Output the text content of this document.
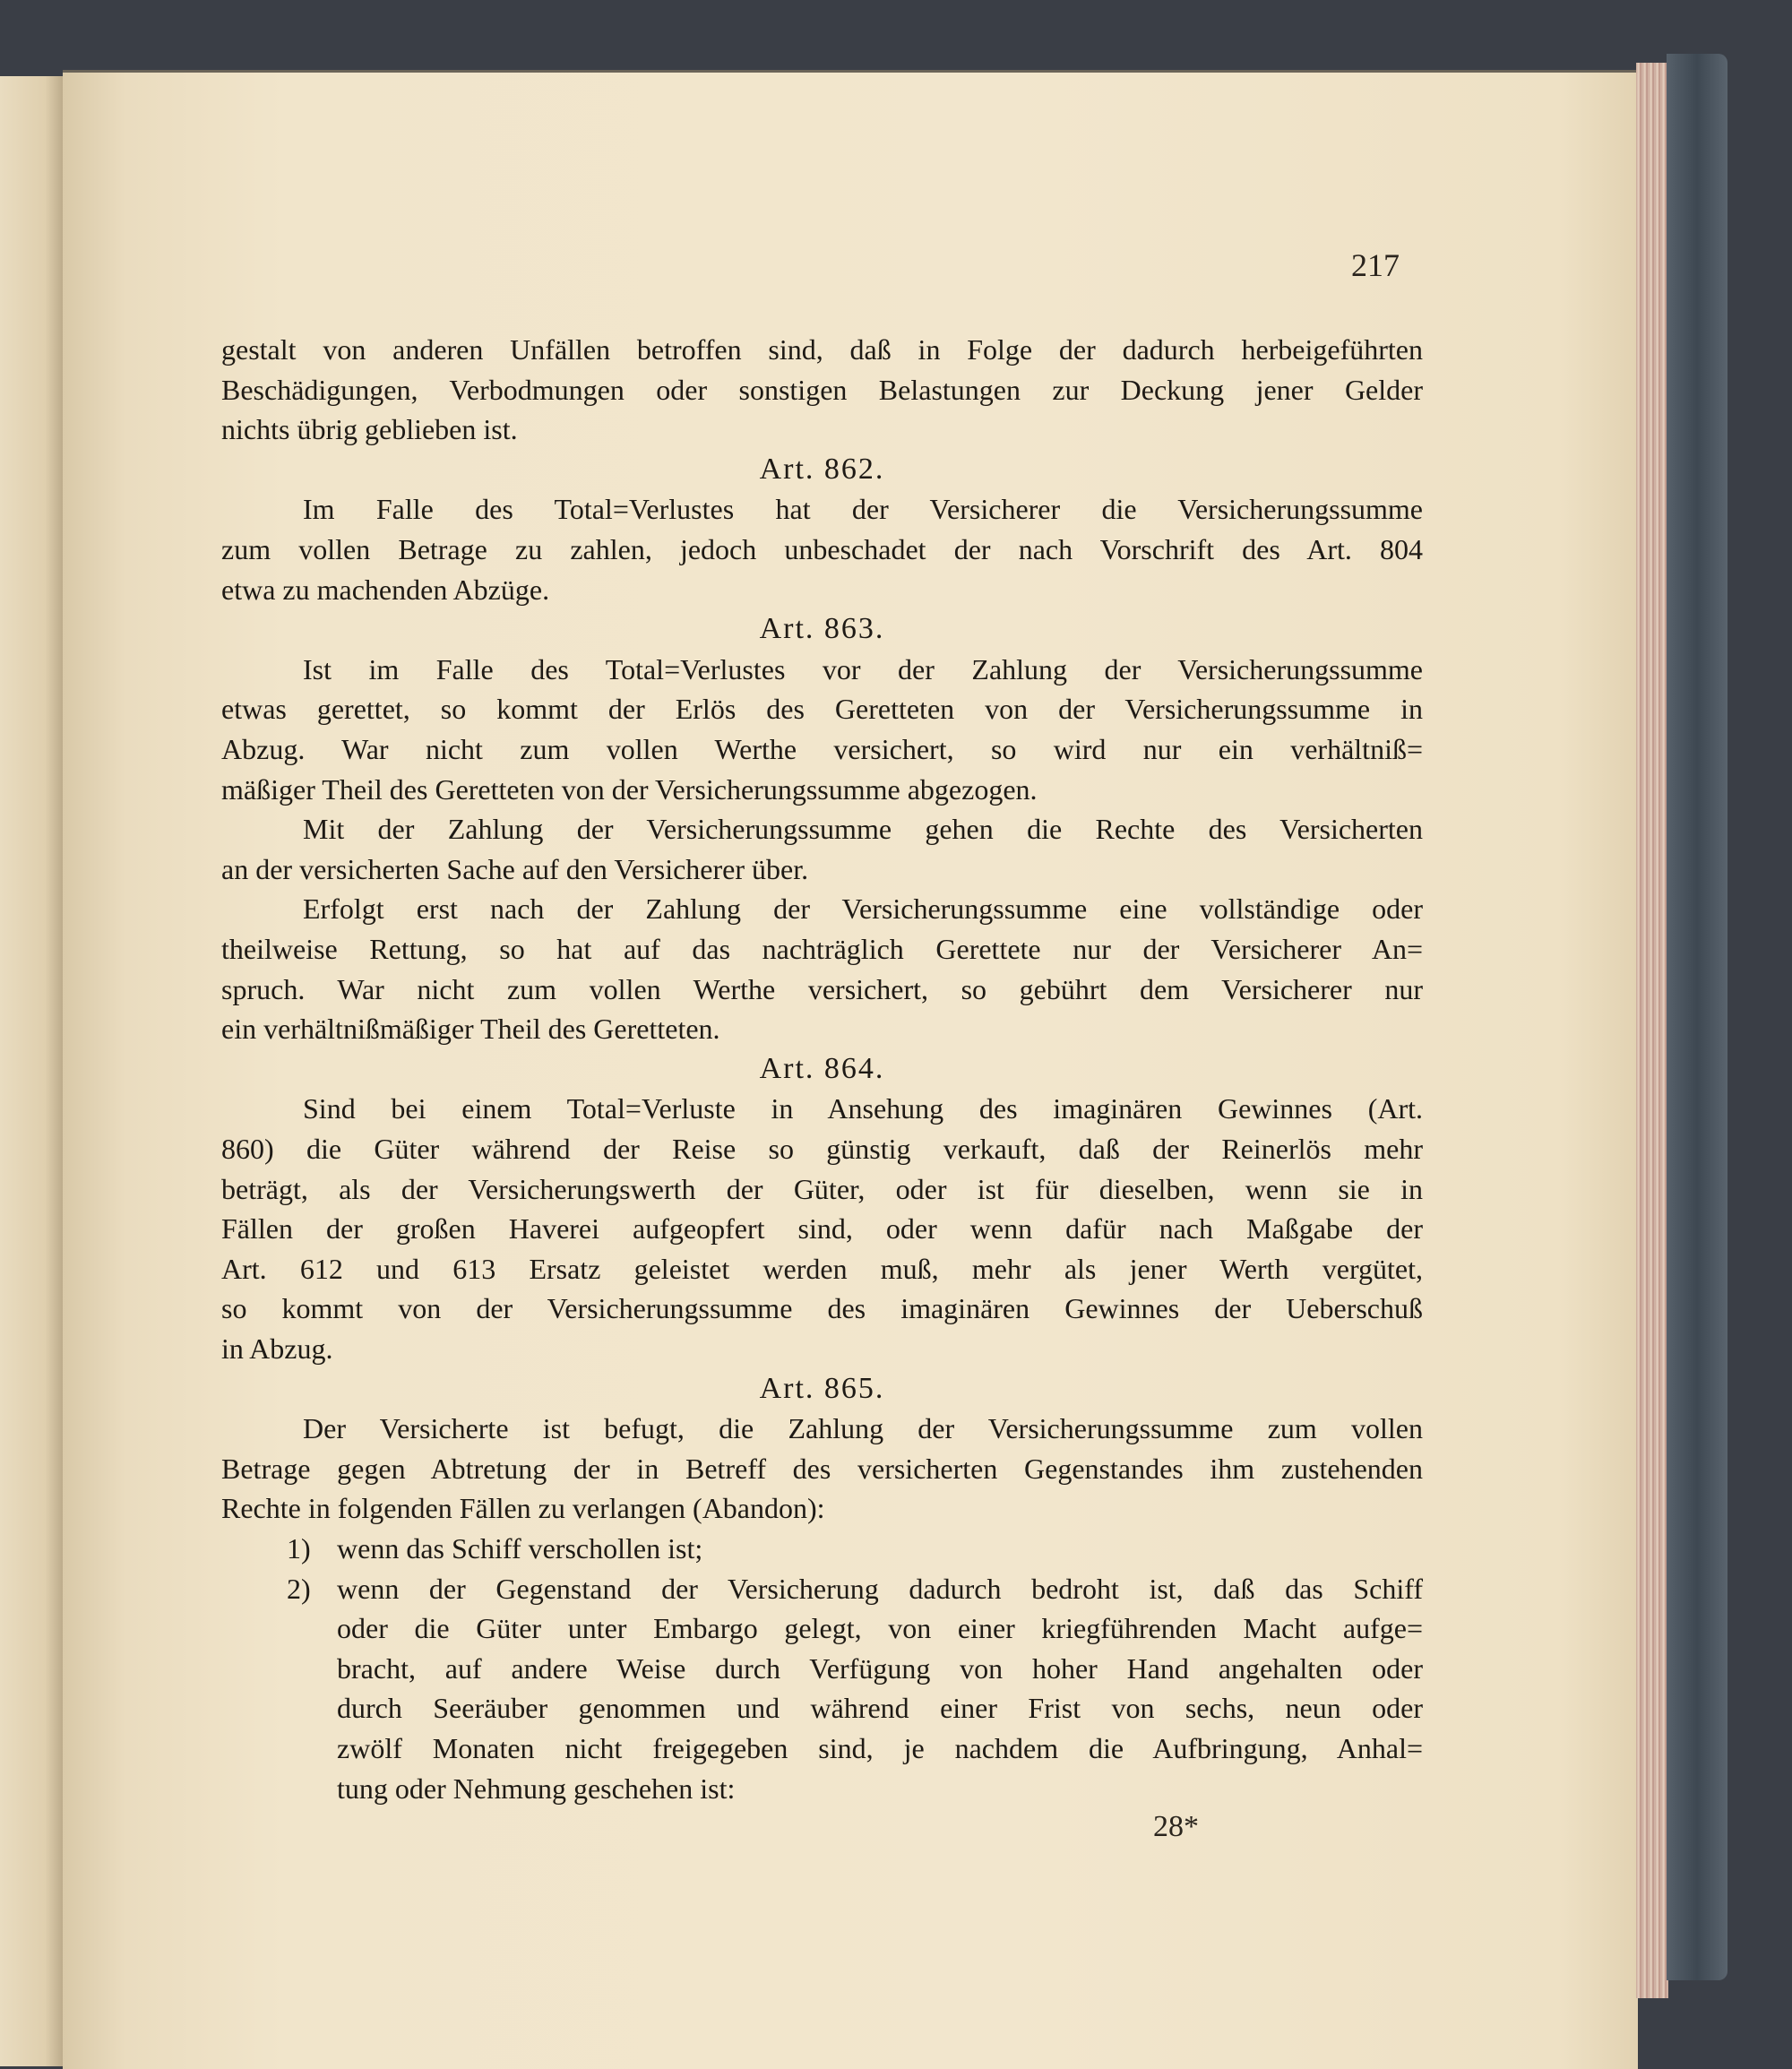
217
gestalt von anderen Unfällen betroffen sind, daß in Folge der dadurch herbeigeführten
Beschädigungen, Verbodmungen oder sonstigen Belastungen zur Deckung jener Gelder
nichts übrig geblieben ist.
Art. 862.
Im Falle des Total=Verlustes hat der Versicherer die Versicherungssumme
zum vollen Betrage zu zahlen, jedoch unbeschadet der nach Vorschrift des Art. 804
etwa zu machenden Abzüge.
Art. 863.
Ist im Falle des Total=Verlustes vor der Zahlung der Versicherungssumme
etwas gerettet, so kommt der Erlös des Geretteten von der Versicherungssumme in
Abzug. War nicht zum vollen Werthe versichert, so wird nur ein verhältniß=
mäßiger Theil des Geretteten von der Versicherungssumme abgezogen.
Mit der Zahlung der Versicherungssumme gehen die Rechte des Versicherten
an der versicherten Sache auf den Versicherer über.
Erfolgt erst nach der Zahlung der Versicherungssumme eine vollständige oder
theilweise Rettung, so hat auf das nachträglich Gerettete nur der Versicherer An=
spruch. War nicht zum vollen Werthe versichert, so gebührt dem Versicherer nur
ein verhältnißmäßiger Theil des Geretteten.
Art. 864.
Sind bei einem Total=Verluste in Ansehung des imaginären Gewinnes (Art.
860) die Güter während der Reise so günstig verkauft, daß der Reinerlös mehr
beträgt, als der Versicherungswerth der Güter, oder ist für dieselben, wenn sie in
Fällen der großen Haverei aufgeopfert sind, oder wenn dafür nach Maßgabe der
Art. 612 und 613 Ersatz geleistet werden muß, mehr als jener Werth vergütet,
so kommt von der Versicherungssumme des imaginären Gewinnes der Ueberschuß
in Abzug.
Art. 865.
Der Versicherte ist befugt, die Zahlung der Versicherungssumme zum vollen
Betrage gegen Abtretung der in Betreff des versicherten Gegenstandes ihm zustehenden
Rechte in folgenden Fällen zu verlangen (Abandon):
1) wenn das Schiff verschollen ist;
2) wenn der Gegenstand der Versicherung dadurch bedroht ist, daß das Schiff
oder die Güter unter Embargo gelegt, von einer kriegführenden Macht aufge=
bracht, auf andere Weise durch Verfügung von hoher Hand angehalten oder
durch Seeräuber genommen und während einer Frist von sechs, neun oder
zwölf Monaten nicht freigegeben sind, je nachdem die Aufbringung, Anhal=
tung oder Nehmung geschehen ist:
28*
